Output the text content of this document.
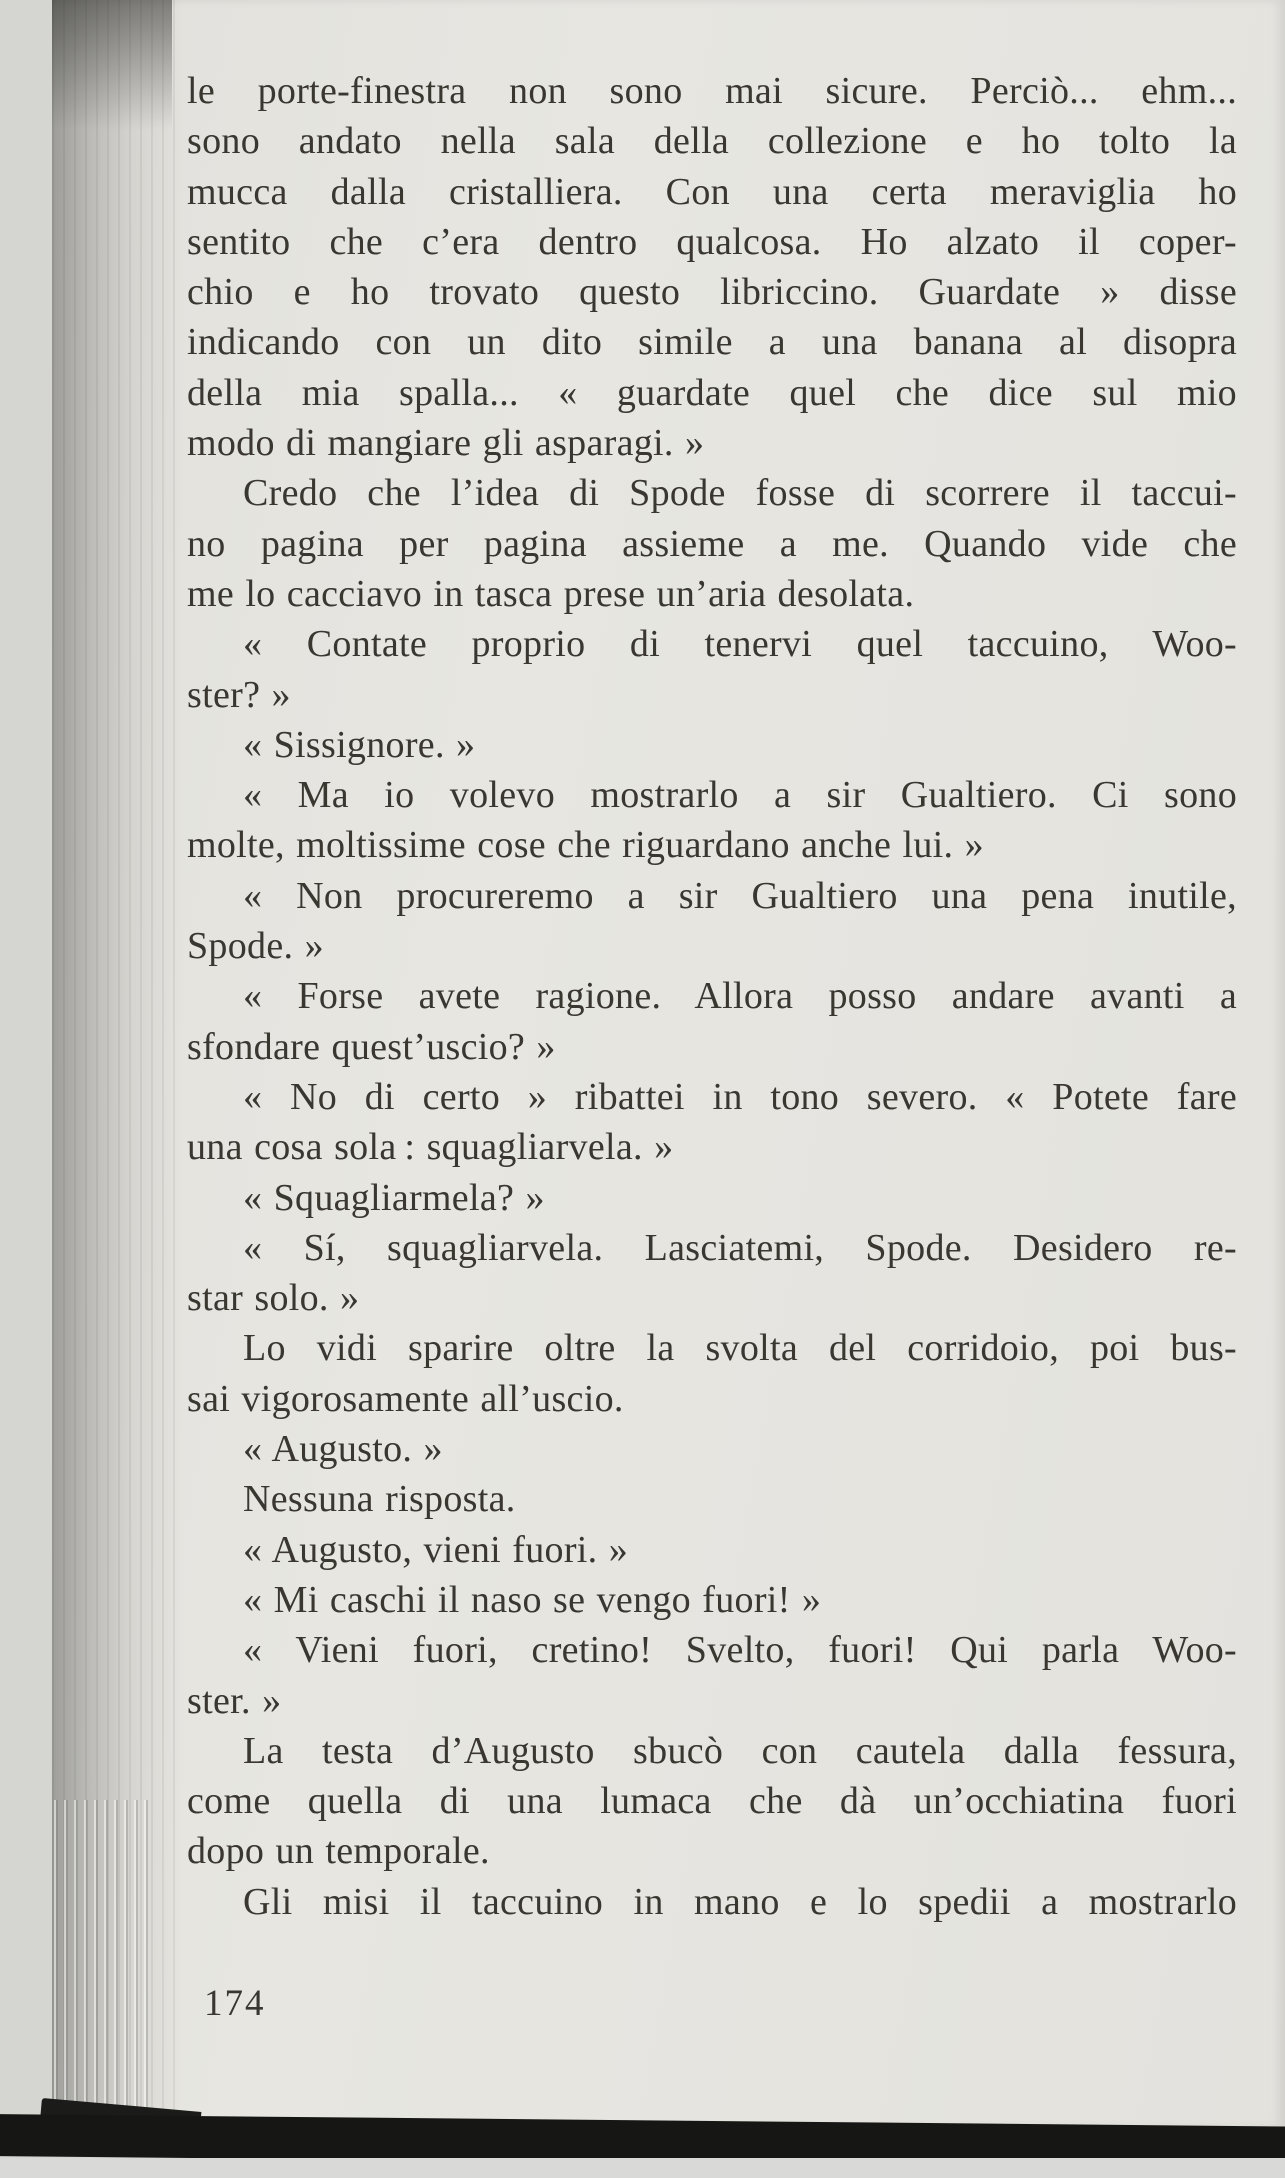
le porte-finestra non sono mai sicure. Perciò... ehm...
sono andato nella sala della collezione e ho tolto la
mucca dalla cristalliera. Con una certa meraviglia ho
sentito che c’era dentro qualcosa. Ho alzato il coper-
chio e ho trovato questo libriccino. Guardate » disse
indicando con un dito simile a una banana al disopra
della mia spalla... « guardate quel che dice sul mio
modo di mangiare gli asparagi. »
Credo che l’idea di Spode fosse di scorrere il taccui-
no pagina per pagina assieme a me. Quando vide che
me lo cacciavo in tasca prese un’aria desolata.
« Contate proprio di tenervi quel taccuino, Woo-
ster? »
« Sissignore. »
« Ma io volevo mostrarlo a sir Gualtiero. Ci sono
molte, moltissime cose che riguardano anche lui. »
« Non procureremo a sir Gualtiero una pena inutile,
Spode. »
« Forse avete ragione. Allora posso andare avanti a
sfondare quest’uscio? »
« No di certo » ribattei in tono severo. « Potete fare
una cosa sola : squagliarvela. »
« Squagliarmela? »
« Sí, squagliarvela. Lasciatemi, Spode. Desidero re-
star solo. »
Lo vidi sparire oltre la svolta del corridoio, poi bus-
sai vigorosamente all’uscio.
« Augusto. »
Nessuna risposta.
« Augusto, vieni fuori. »
« Mi caschi il naso se vengo fuori! »
« Vieni fuori, cretino! Svelto, fuori! Qui parla Woo-
ster. »
La testa d’Augusto sbucò con cautela dalla fessura,
come quella di una lumaca che dà un’occhiatina fuori
dopo un temporale.
Gli misi il taccuino in mano e lo spedii a mostrarlo
174
